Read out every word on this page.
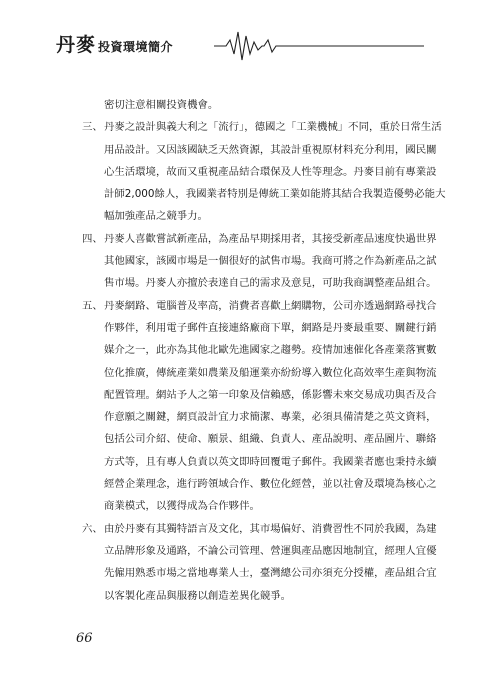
丹麥 投資環境簡介
密切注意相關投資機會。
三、 丹麥之設計與義大利之「流行」，德國之「工業機械」不同，重於日常生活
用品設計。又因該國缺乏天然資源，其設計重視原材料充分利用，國民關
心生活環境，故而又重視產品結合環保及人性等理念。丹麥目前有專業設
計師2,000餘人，我國業者特別是傳統工業如能將其結合我製造優勢必能大
幅加強產品之競爭力。
四、 丹麥人喜歡嘗試新產品，為產品早期採用者，其接受新產品速度快過世界
其他國家，該國市場是一個很好的試售市場。我商可將之作為新產品之試
售市場。丹麥人亦擅於表達自己的需求及意見，可助我商調整產品組合。
五、 丹麥網路、電腦普及率高，消費者喜歡上網購物，公司亦透過網路尋找合
作夥伴，利用電子郵件直接連絡廠商下單，網路是丹麥最重要、關鍵行銷
媒介之一，此亦為其他北歐先進國家之趨勢。疫情加速催化各產業落實數
位化推廣，傳統產業如農業及船運業亦紛紛導入數位化高效率生產與物流
配置管理。網站予人之第一印象及信賴感，係影響未來交易成功與否及合
作意願之關鍵，網頁設計宜力求簡潔、專業，必須具備清楚之英文資料，
包括公司介紹、使命、願景、組織、負責人、產品說明、產品圖片、聯絡
方式等，且有專人負責以英文即時回覆電子郵件。我國業者應也秉持永續
經營企業理念，進行跨領域合作、數位化經營，並以社會及環境為核心之
商業模式，以獲得成為合作夥伴。
六、 由於丹麥有其獨特語言及文化，其市場偏好、消費習性不同於我國，為建
立品牌形象及通路，不論公司管理、營運與產品應因地制宜，經理人宜優
先僱用熟悉市場之當地專業人士，臺灣總公司亦須充分授權，產品組合宜
以客製化產品與服務以創造差異化競爭。
66
